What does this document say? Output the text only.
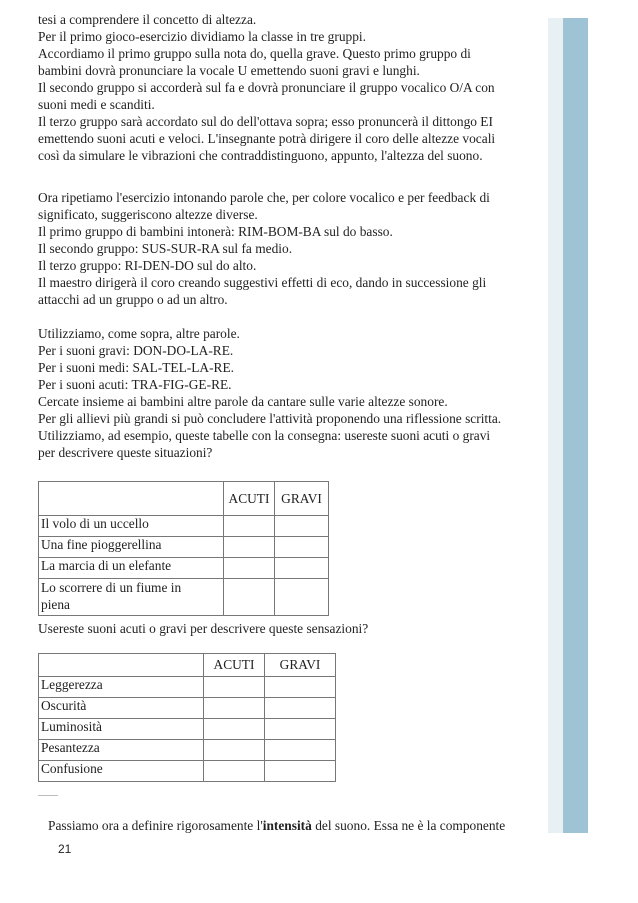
tesi a comprendere il concetto di altezza.
Per il primo gioco-esercizio dividiamo la classe in tre gruppi.
Accordiamo il primo gruppo sulla nota do, quella grave. Questo primo gruppo di
bambini dovrà pronunciare la vocale U emettendo suoni gravi e lunghi.
Il secondo gruppo si accorderà sul fa e dovrà pronunciare il gruppo vocalico O/A con
suoni medi e scanditi.
Il terzo gruppo sarà accordato sul do dell'ottava sopra; esso pronuncerà il dittongo EI
emettendo suoni acuti e veloci. L'insegnante potrà dirigere il coro delle altezze vocali
così da simulare le vibrazioni che contraddistinguono, appunto, l'altezza del suono.
Ora ripetiamo l'esercizio intonando parole che, per colore vocalico e per feedback di
significato, suggeriscono altezze diverse.
Il primo gruppo di bambini intonerà: RIM-BOM-BA sul do basso.
Il secondo gruppo: SUS-SUR-RA sul fa medio.
Il terzo gruppo: RI-DEN-DO sul do alto.
Il maestro dirigerà il coro creando suggestivi effetti di eco, dando in successione gli
attacchi ad un gruppo o ad un altro.
Utilizziamo, come sopra, altre parole.
Per i suoni gravi: DON-DO-LA-RE.
Per i suoni medi: SAL-TEL-LA-RE.
Per i suoni acuti: TRA-FIG-GE-RE.
Cercate insieme ai bambini altre parole da cantare sulle varie altezze sonore.
Per gli allievi più grandi si può concludere l'attività proponendo una riflessione scritta.
Utilizziamo, ad esempio, queste tabelle con la consegna: usereste suoni acuti o gravi
per descrivere queste situazioni?
	ACUTI	GRAVI
Il volo di un uccello		
Una fine pioggerellina		
La marcia di un elefante		
Lo scorrere di un fiume in
piena		
Usereste suoni acuti o gravi per descrivere queste sensazioni?
	ACUTI	GRAVI
Leggerezza		
Oscurità		
Luminosità		
Pesantezza		
Confusione		
Passiamo ora a definire rigorosamente l'intensità del suono. Essa ne è la componente
21
